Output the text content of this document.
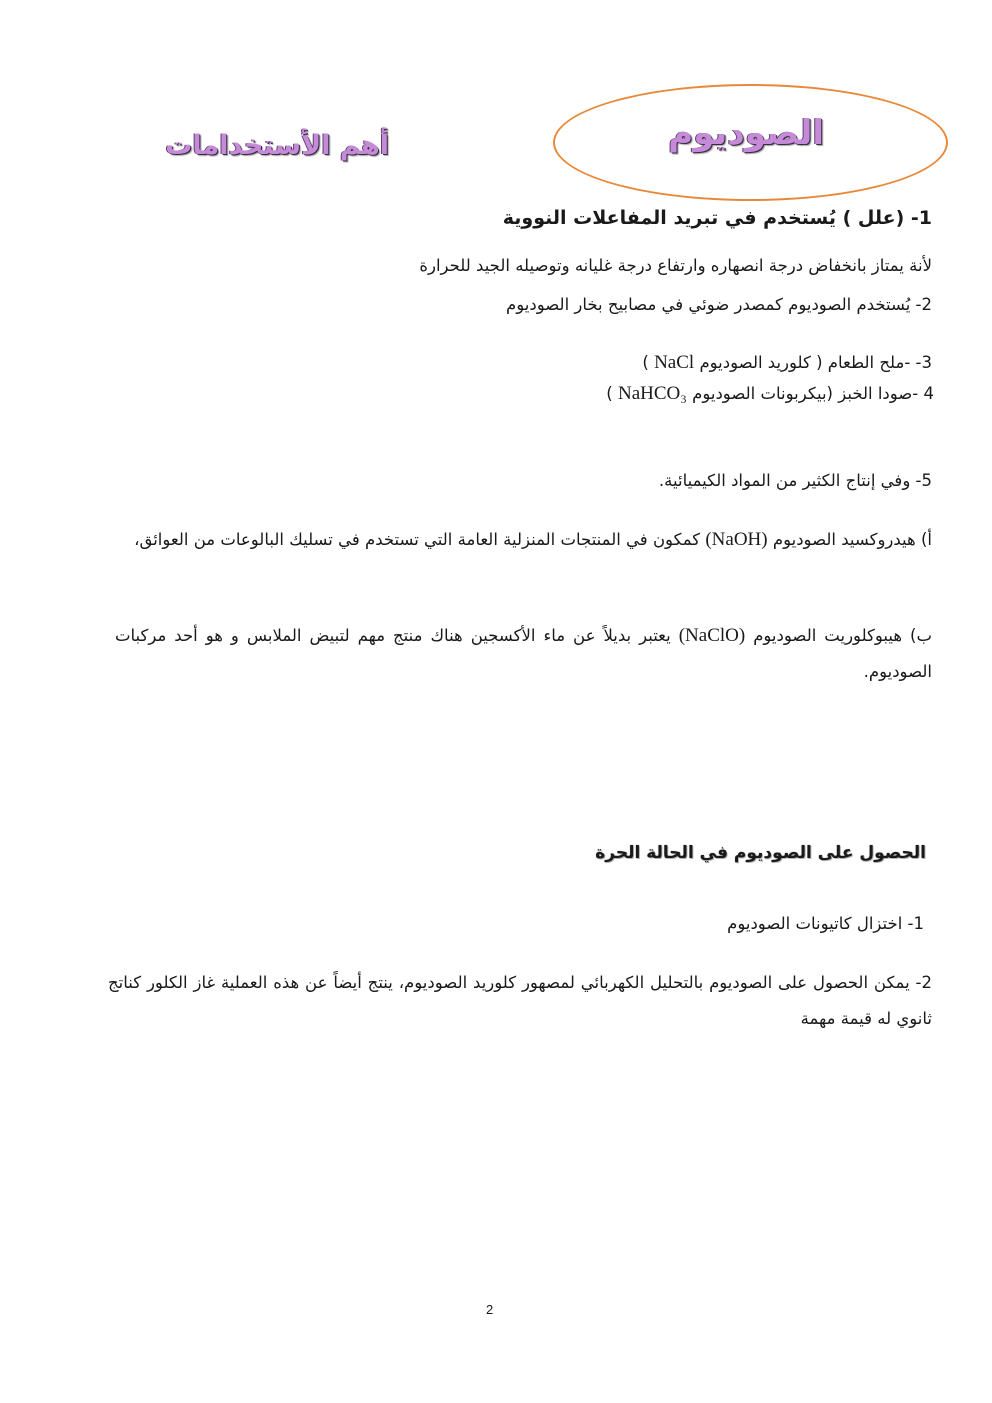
الصوديوم
أهم الأستخدامات
1- (علل ) يُستخدم في تبريد المفاعلات النووية
لأنة يمتاز بانخفاض درجة انصهاره وارتفاع درجة غليانه وتوصيله الجيد للحرارة
2- يُستخدم الصوديوم كمصدر ضوئي في مصابيح بخار الصوديوم
3- -ملح الطعام ( كلوريد الصوديوم NaCl )
4 -صودا الخبز (بيكربونات الصوديوم NaHCO₃ )
5- وفي إنتاج الكثير من المواد الكيميائية.
أ) هيدروكسيد الصوديوم (NaOH) كمكون في المنتجات المنزلية العامة التي تستخدم في تسليك البالوعات من العوائق،
ب) هيبوكلوريت الصوديوم (NaClO) يعتبر بديلاً عن ماء الأكسجين هناك منتج مهم لتبيض الملابس و هو أحد مركبات الصوديوم.
الحصول على الصوديوم في الحالة الحرة
1- اختزال كاتيونات الصوديوم
2- يمكن الحصول على الصوديوم بالتحليل الكهربائي لمصهور كلوريد الصوديوم، ينتج أيضاً عن هذه العملية غاز الكلور كناتج ثانوي له قيمة مهمة
2
